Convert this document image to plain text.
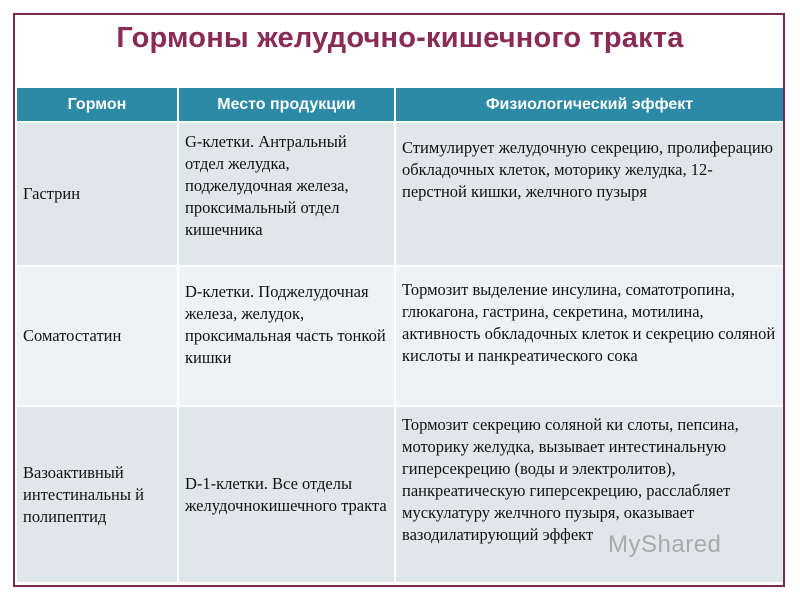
Гормоны желудочно-кишечного тракта
Гормон	Место продукции	Физиологический эффект
Гастрин	G-клетки. Антральный отдел желудка, поджелудочная железа, проксимальный отдел кишечника	Стимулирует желудочную секрецию, пролиферацию обкладочных клеток, моторику желудка, 12-перстной кишки, желчного пузыря
Соматостатин	D-клетки. Поджелудочная железа, желудок, проксимальная часть тонкой кишки	Тормозит выделение инсулина, соматотропина, глюкагона, гастрина, секретина, мотилина, активность обкладочных клеток и секрецию соляной кислоты и панкреатического сока
Вазоактивный интестинальны й полипептид	D-1-клетки. Все отделы желудочнокишечного тракта	Тормозит секрецию соляной ки слоты, пепсина, моторику желудка, вызывает интестинальную гиперсекрецию (воды и электролитов), панкреатическую гиперсекрецию, расслабляет мускулатуру желчного пузыря, оказывает вазодилатирующий эффект MyShared
